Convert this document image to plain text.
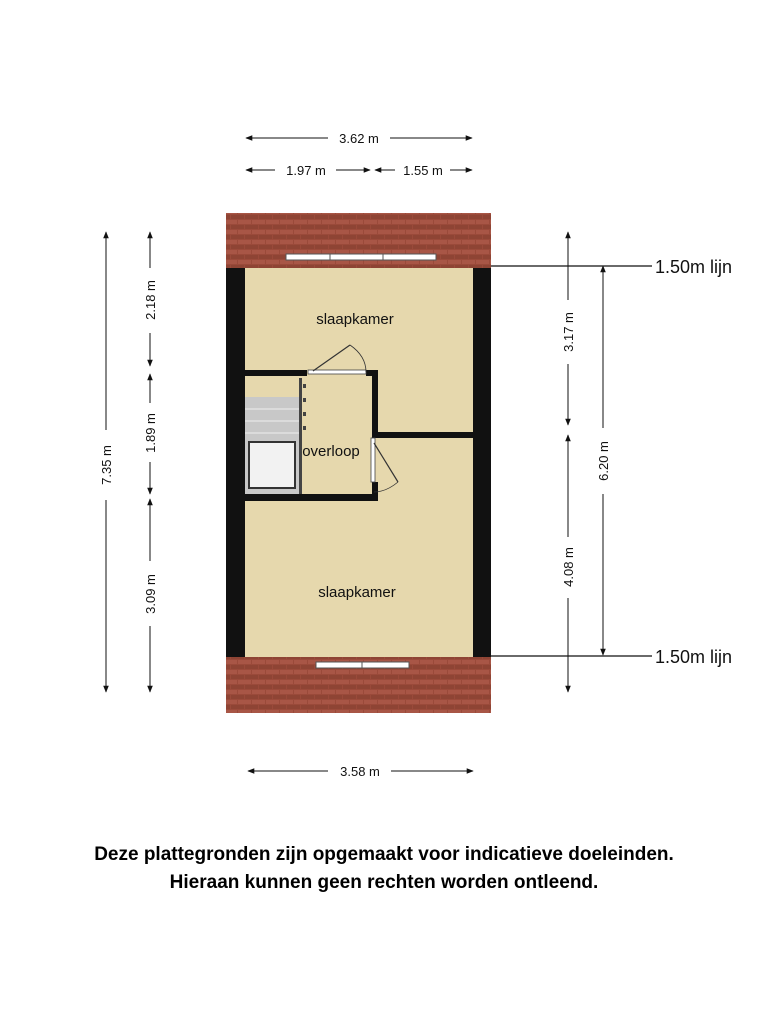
slaapkamer
overloop
slaapkamer
3.62 m
1.97 m	1.55 m
3.58 m
7.35 m
2.18 m
1.89 m
3.09 m
3.17 m
4.08 m
6.20 m
1.50m lijn
1.50m lijn
Deze plattegronden zijn opgemaakt voor indicatieve doeleinden.
Hieraan kunnen geen rechten worden ontleend.
